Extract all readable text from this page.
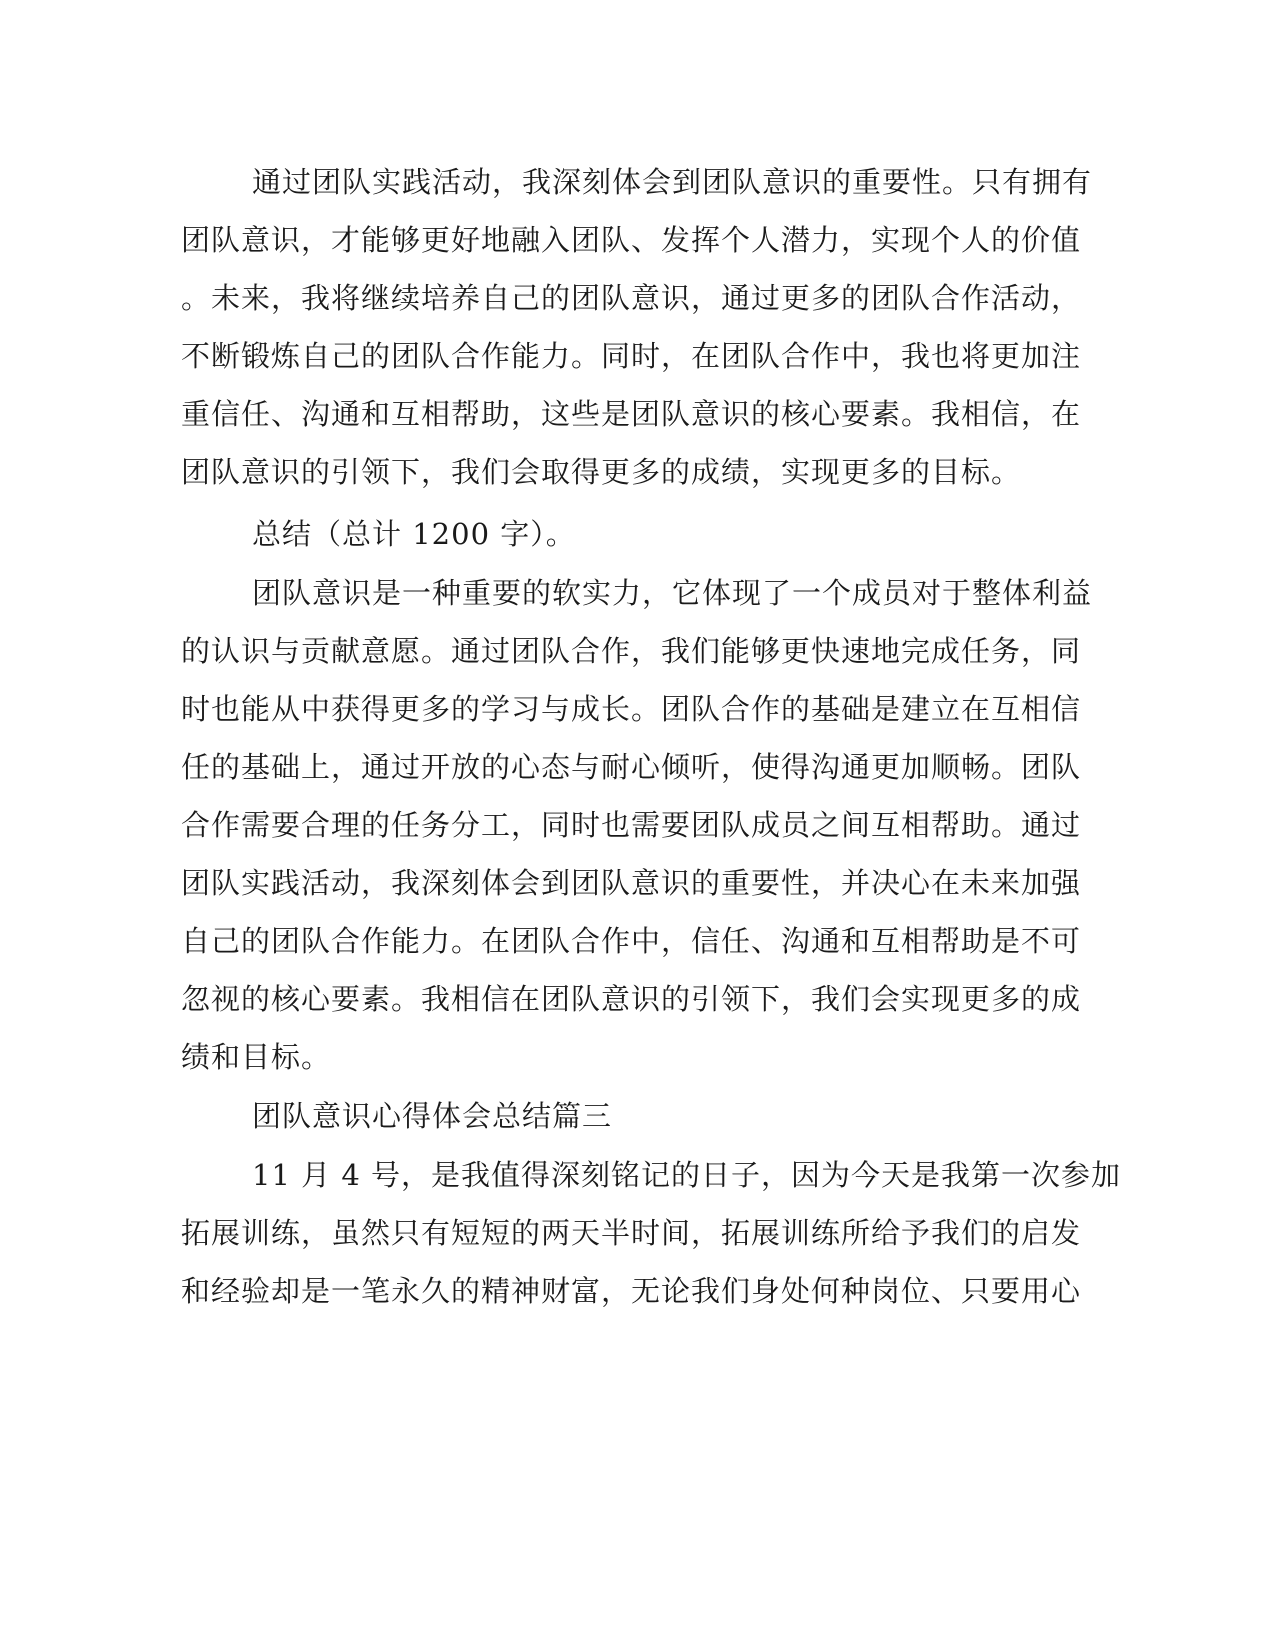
通过团队实践活动，我深刻体会到团队意识的重要性。只有拥有
团队意识，才能够更好地融入团队、发挥个人潜力，实现个人的价值
。未来，我将继续培养自己的团队意识，通过更多的团队合作活动，
不断锻炼自己的团队合作能力。同时，在团队合作中，我也将更加注
重信任、沟通和互相帮助，这些是团队意识的核心要素。我相信，在
团队意识的引领下，我们会取得更多的成绩，实现更多的目标。
总结（总计 1200 字）。
团队意识是一种重要的软实力，它体现了一个成员对于整体利益
的认识与贡献意愿。通过团队合作，我们能够更快速地完成任务，同
时也能从中获得更多的学习与成长。团队合作的基础是建立在互相信
任的基础上，通过开放的心态与耐心倾听，使得沟通更加顺畅。团队
合作需要合理的任务分工，同时也需要团队成员之间互相帮助。通过
团队实践活动，我深刻体会到团队意识的重要性，并决心在未来加强
自己的团队合作能力。在团队合作中，信任、沟通和互相帮助是不可
忽视的核心要素。我相信在团队意识的引领下，我们会实现更多的成
绩和目标。
团队意识心得体会总结篇三
11 月 4 号，是我值得深刻铭记的日子，因为今天是我第一次参加
拓展训练，虽然只有短短的两天半时间，拓展训练所给予我们的启发
和经验却是一笔永久的精神财富，无论我们身处何种岗位、只要用心
